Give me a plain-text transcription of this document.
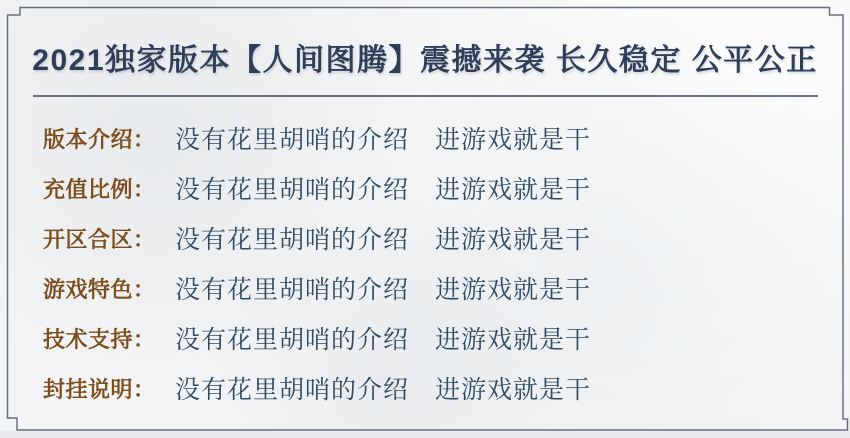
2021独家版本【人间图腾】震撼来袭 长久稳定 公平公正
版本介绍： 没有花里胡哨的介绍　进游戏就是干
充值比例： 没有花里胡哨的介绍　进游戏就是干
开区合区： 没有花里胡哨的介绍　进游戏就是干
游戏特色： 没有花里胡哨的介绍　进游戏就是干
技术支持： 没有花里胡哨的介绍　进游戏就是干
封挂说明： 没有花里胡哨的介绍　进游戏就是干
